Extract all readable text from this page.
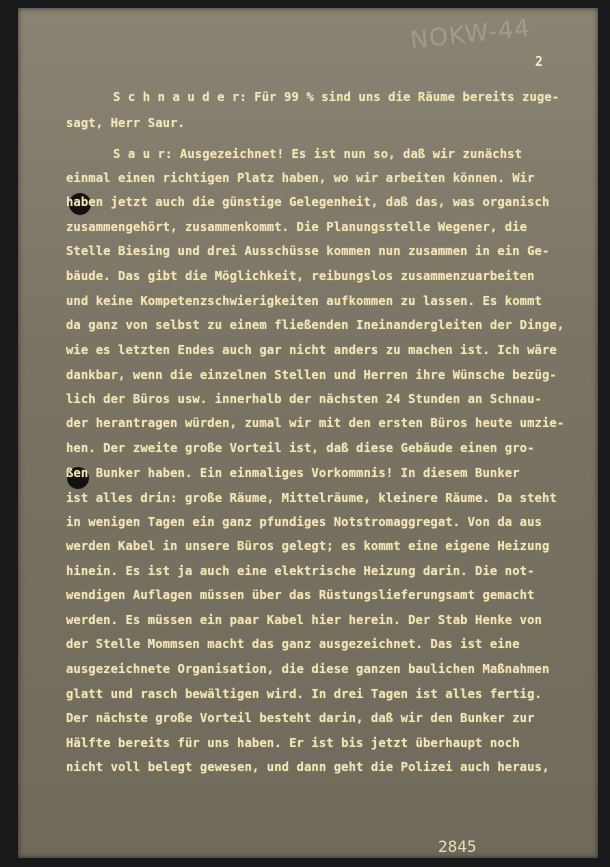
NOKW-44
2
S c h n a u d e r: Für 99 % sind uns die Räume bereits zuge-
sagt, Herr Saur.
S a u r: Ausgezeichnet! Es ist nun so, daß wir zunächst
einmal einen richtigen Platz haben, wo wir arbeiten können. Wir
haben jetzt auch die günstige Gelegenheit, daß das, was organisch
zusammengehört, zusammenkommt. Die Planungsstelle Wegener, die
Stelle Biesing und drei Ausschüsse kommen nun zusammen in ein Ge-
bäude. Das gibt die Möglichkeit, reibungslos zusammenzuarbeiten
und keine Kompetenzschwierigkeiten aufkommen zu lassen. Es kommt
da ganz von selbst zu einem fließenden Ineinandergleiten der Dinge,
wie es letzten Endes auch gar nicht anders zu machen ist. Ich wäre
dankbar, wenn die einzelnen Stellen und Herren ihre Wünsche bezüg-
lich der Büros usw. innerhalb der nächsten 24 Stunden an Schnau-
der herantragen würden, zumal wir mit den ersten Büros heute umzie-
hen. Der zweite große Vorteil ist, daß diese Gebäude einen gro-
ßen Bunker haben. Ein einmaliges Vorkommnis! In diesem Bunker
ist alles drin: große Räume, Mittelräume, kleinere Räume. Da steht
in wenigen Tagen ein ganz pfundiges Notstromaggregat. Von da aus
werden Kabel in unsere Büros gelegt; es kommt eine eigene Heizung
hinein. Es ist ja auch eine elektrische Heizung darin. Die not-
wendigen Auflagen müssen über das Rüstungslieferungsamt gemacht
werden. Es müssen ein paar Kabel hier herein. Der Stab Henke von
der Stelle Mommsen macht das ganz ausgezeichnet. Das ist eine
ausgezeichnete Organisation, die diese ganzen baulichen Maßnahmen
glatt und rasch bewältigen wird. In drei Tagen ist alles fertig.
Der nächste große Vorteil besteht darin, daß wir den Bunker zur
Hälfte bereits für uns haben. Er ist bis jetzt überhaupt noch
nicht voll belegt gewesen, und dann geht die Polizei auch heraus,
2845
